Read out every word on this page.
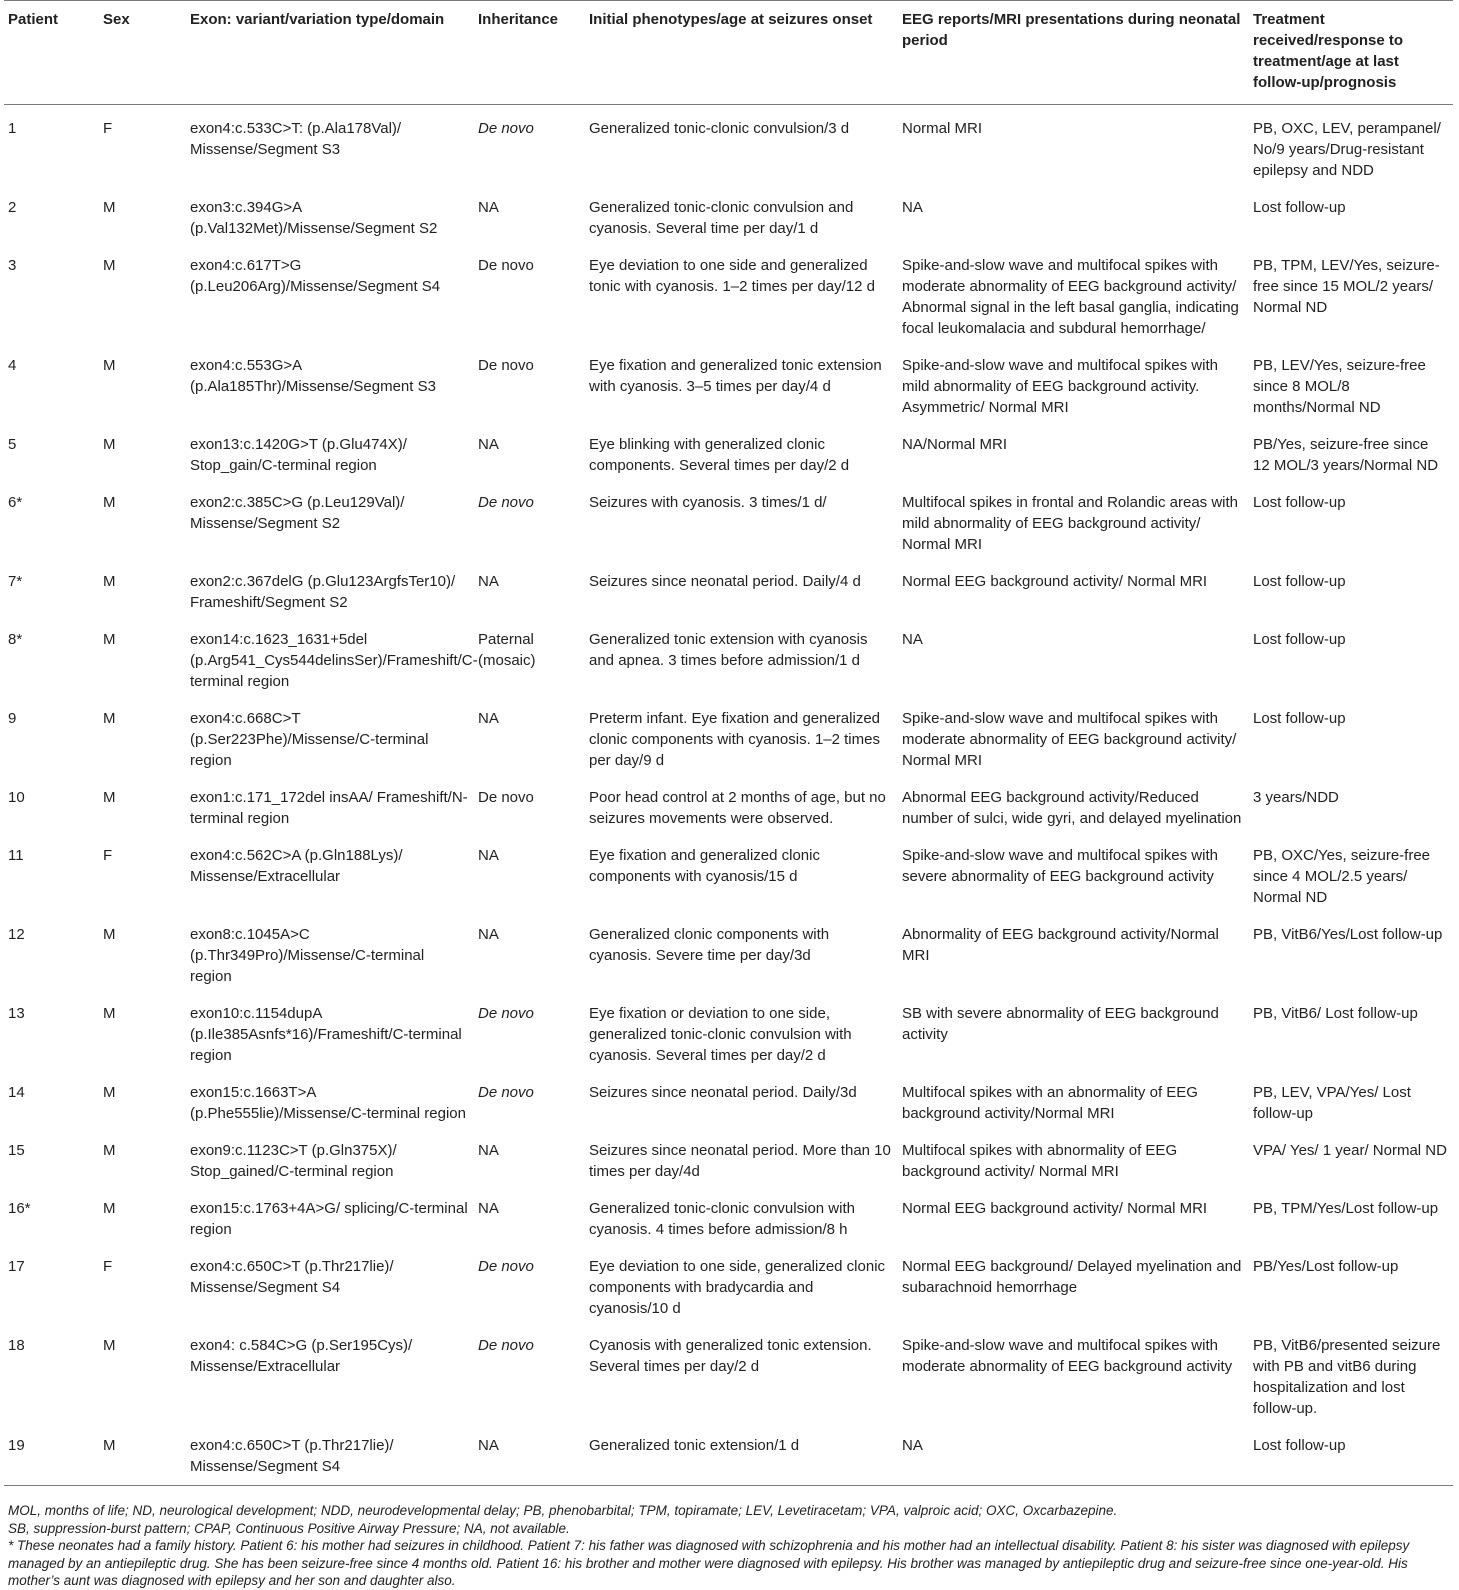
Patient	Sex	Exon: variant/variation type/domain	Inheritance	Initial phenotypes/age at seizures onset	EEG reports/MRI presentations during neonatal period	Treatment received/response to treatment/age at last follow-up/prognosis
1	F	exon4:c.533C>T: (p.Ala178Val)/ Missense/Segment S3	De novo	Generalized tonic-clonic convulsion/3 d	Normal MRI	PB, OXC, LEV, perampanel/ No/9 years/Drug-resistant epilepsy and NDD
2	M	exon3:c.394G>A (p.Val132Met)/Missense/Segment S2	NA	Generalized tonic-clonic convulsion and cyanosis. Several time per day/1 d	NA	Lost follow-up
3	M	exon4:c.617T>G (p.Leu206Arg)/Missense/Segment S4	De novo	Eye deviation to one side and generalized tonic with cyanosis. 1–2 times per day/12 d	Spike-and-slow wave and multifocal spikes with moderate abnormality of EEG background activity/ Abnormal signal in the left basal ganglia, indicating focal leukomalacia and subdural hemorrhage/	PB, TPM, LEV/Yes, seizure-free since 15 MOL/2 years/ Normal ND
4	M	exon4:c.553G>A (p.Ala185Thr)/Missense/Segment S3	De novo	Eye fixation and generalized tonic extension with cyanosis. 3–5 times per day/4 d	Spike-and-slow wave and multifocal spikes with mild abnormality of EEG background activity. Asymmetric/ Normal MRI	PB, LEV/Yes, seizure-free since 8 MOL/8 months/Normal ND
5	M	exon13:c.1420G>T (p.Glu474X)/ Stop_gain/C-terminal region	NA	Eye blinking with generalized clonic components. Several times per day/2 d	NA/Normal MRI	PB/Yes, seizure-free since 12 MOL/3 years/Normal ND
6*	M	exon2:c.385C>G (p.Leu129Val)/ Missense/Segment S2	De novo	Seizures with cyanosis. 3 times/1 d/	Multifocal spikes in frontal and Rolandic areas with mild abnormality of EEG background activity/ Normal MRI	Lost follow-up
7*	M	exon2:c.367delG (p.Glu123ArgfsTer10)/ Frameshift/Segment S2	NA	Seizures since neonatal period. Daily/4 d	Normal EEG background activity/ Normal MRI	Lost follow-up
8*	M	exon14:c.1623_1631+5del (p.Arg541_Cys544delinsSer)/Frameshift/C-terminal region	Paternal (mosaic)	Generalized tonic extension with cyanosis and apnea. 3 times before admission/1 d	NA	Lost follow-up
9	M	exon4:c.668C>T (p.Ser223Phe)/Missense/C-terminal region	NA	Preterm infant. Eye fixation and generalized clonic components with cyanosis. 1–2 times per day/9 d	Spike-and-slow wave and multifocal spikes with moderate abnormality of EEG background activity/ Normal MRI	Lost follow-up
10	M	exon1:c.171_172del insAA/ Frameshift/N-terminal region	De novo	Poor head control at 2 months of age, but no seizures movements were observed.	Abnormal EEG background activity/Reduced number of sulci, wide gyri, and delayed myelination	3 years/NDD
11	F	exon4:c.562C>A (p.Gln188Lys)/ Missense/Extracellular	NA	Eye fixation and generalized clonic components with cyanosis/15 d	Spike-and-slow wave and multifocal spikes with severe abnormality of EEG background activity	PB, OXC/Yes, seizure-free since 4 MOL/2.5 years/ Normal ND
12	M	exon8:c.1045A>C (p.Thr349Pro)/Missense/C-terminal region	NA	Generalized clonic components with cyanosis. Severe time per day/3d	Abnormality of EEG background activity/Normal MRI	PB, VitB6/Yes/Lost follow-up
13	M	exon10:c.1154dupA (p.Ile385Asnfs*16)/Frameshift/C-terminal region	De novo	Eye fixation or deviation to one side, generalized tonic-clonic convulsion with cyanosis. Several times per day/2 d	SB with severe abnormality of EEG background activity	PB, VitB6/ Lost follow-up
14	M	exon15:c.1663T>A (p.Phe555lie)/Missense/C-terminal region	De novo	Seizures since neonatal period. Daily/3d	Multifocal spikes with an abnormality of EEG background activity/Normal MRI	PB, LEV, VPA/Yes/ Lost follow-up
15	M	exon9:c.1123C>T (p.Gln375X)/ Stop_gained/C-terminal region	NA	Seizures since neonatal period. More than 10 times per day/4d	Multifocal spikes with abnormality of EEG background activity/ Normal MRI	VPA/ Yes/ 1 year/ Normal ND
16*	M	exon15:c.1763+4A>G/ splicing/C-terminal region	NA	Generalized tonic-clonic convulsion with cyanosis. 4 times before admission/8 h	Normal EEG background activity/ Normal MRI	PB, TPM/Yes/Lost follow-up
17	F	exon4:c.650C>T (p.Thr217lie)/ Missense/Segment S4	De novo	Eye deviation to one side, generalized clonic components with bradycardia and cyanosis/10 d	Normal EEG background/ Delayed myelination and subarachnoid hemorrhage	PB/Yes/Lost follow-up
18	M	exon4: c.584C>G (p.Ser195Cys)/ Missense/Extracellular	De novo	Cyanosis with generalized tonic extension. Several times per day/2 d	Spike-and-slow wave and multifocal spikes with moderate abnormality of EEG background activity	PB, VitB6/presented seizure with PB and vitB6 during hospitalization and lost follow-up.
19	M	exon4:c.650C>T (p.Thr217lie)/ Missense/Segment S4	NA	Generalized tonic extension/1 d	NA	Lost follow-up

MOL, months of life; ND, neurological development; NDD, neurodevelopmental delay; PB, phenobarbital; TPM, topiramate; LEV, Levetiracetam; VPA, valproic acid; OXC, Oxcarbazepine.

SB, suppression-burst pattern; CPAP, Continuous Positive Airway Pressure; NA, not available.

* These neonates had a family history. Patient 6: his mother had seizures in childhood. Patient 7: his father was diagnosed with schizophrenia and his mother had an intellectual disability. Patient 8: his sister was diagnosed with epilepsy managed by an antiepileptic drug. She has been seizure-free since 4 months old. Patient 16: his brother and mother were diagnosed with epilepsy. His brother was managed by antiepileptic drug and seizure-free since one-year-old. His mother’s aunt was diagnosed with epilepsy and her son and daughter also.
